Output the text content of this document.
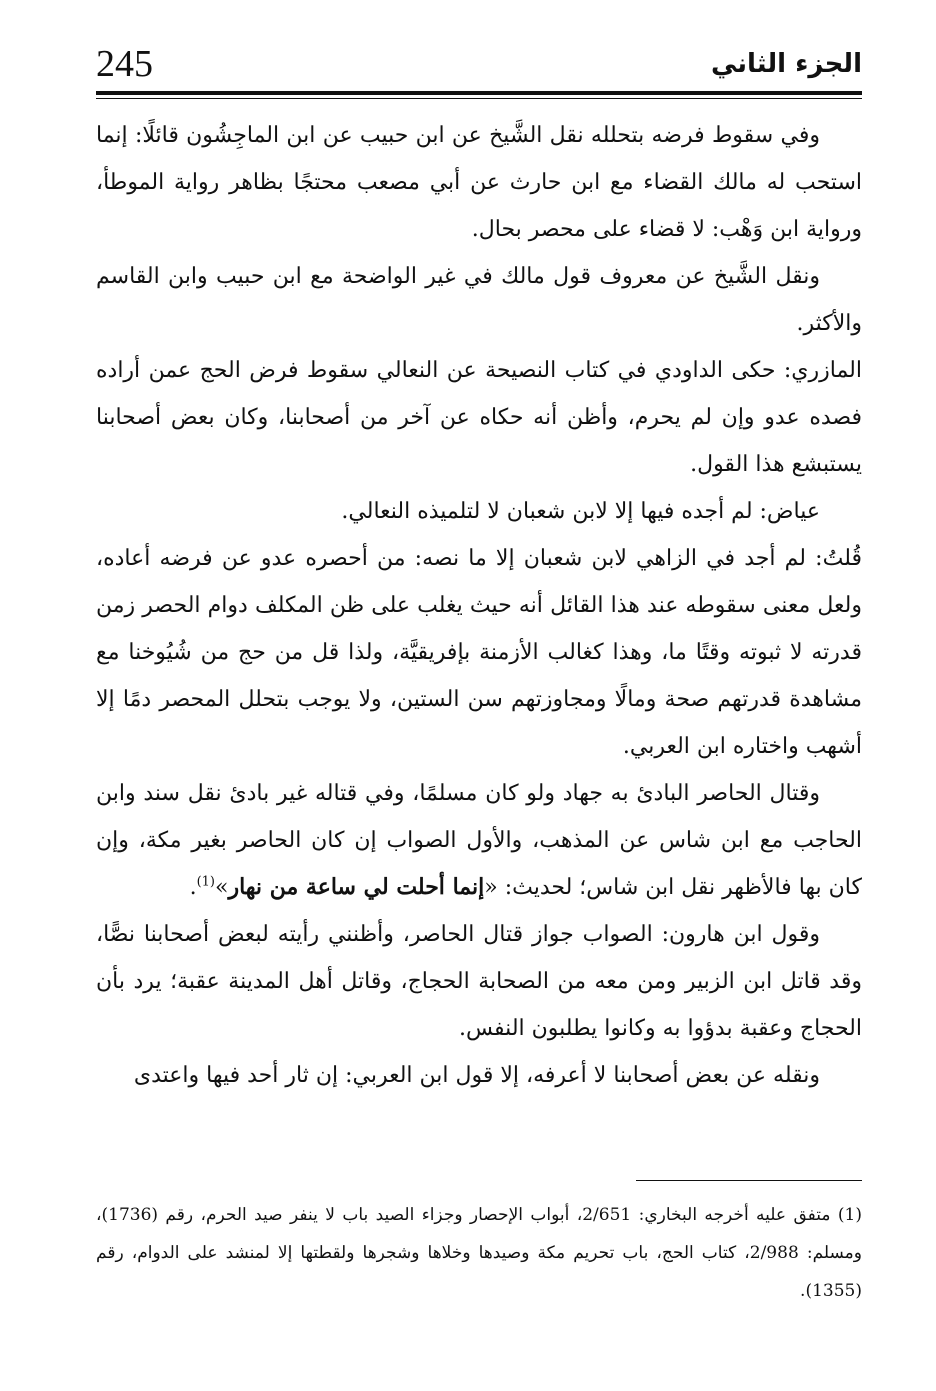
245	الجزء الثاني

وفي سقوط فرضه بتحلله نقل الشَّيخ عن ابن حبيب عن ابن الماجِشُون قائلًا: إنما استحب له مالك القضاء مع ابن حارث عن أبي مصعب محتجًا بظاهر رواية الموطأ، ورواية ابن وَهْب: لا قضاء على محصر بحال.

ونقل الشَّيخ عن معروف قول مالك في غير الواضحة مع ابن حبيب وابن القاسم والأكثر.

المازري: حكى الداودي في كتاب النصيحة عن النعالي سقوط فرض الحج عمن أراده فصده عدو وإن لم يحرم، وأظن أنه حكاه عن آخر من أصحابنا، وكان بعض أصحابنا يستبشع هذا القول.

عياض: لم أجده فيها إلا لابن شعبان لا لتلميذه النعالي.

قُلتُ: لم أجد في الزاهي لابن شعبان إلا ما نصه: من أحصره عدو عن فرضه أعاده، ولعل معنى سقوطه عند هذا القائل أنه حيث يغلب على ظن المكلف دوام الحصر زمن قدرته لا ثبوته وقتًا ما، وهذا كغالب الأزمنة بإفريقيَّة، ولذا قل من حج من شُيُوخنا مع مشاهدة قدرتهم صحة ومالًا ومجاوزتهم سن الستين، ولا يوجب بتحلل المحصر دمًا إلا أشهب واختاره ابن العربي.

وقتال الحاصر البادئ به جهاد ولو كان مسلمًا، وفي قتاله غير بادئ نقل سند وابن الحاجب مع ابن شاس عن المذهب، والأول الصواب إن كان الحاصر بغير مكة، وإن كان بها فالأظهر نقل ابن شاس؛ لحديث: «إنما أحلت لي ساعة من نهار»$^{(1)}$.

وقول ابن هارون: الصواب جواز قتال الحاصر، وأظنني رأيته لبعض أصحابنا نصًّا، وقد قاتل ابن الزبير ومن معه من الصحابة الحجاج، وقاتل أهل المدينة عقبة؛ يرد بأن الحجاج وعقبة بدؤوا به وكانوا يطلبون النفس.

ونقله عن بعض أصحابنا لا أعرفه، إلا قول ابن العربي: إن ثار أحد فيها واعتدى

(1) متفق عليه أخرجه البخاري: 2/651، أبواب الإحصار وجزاء الصيد باب لا ينفر صيد الحرم، رقم (1736)، ومسلم: 2/988، كتاب الحج، باب تحريم مكة وصيدها وخلاها وشجرها ولقطتها إلا لمنشد على الدوام، رقم (1355).
